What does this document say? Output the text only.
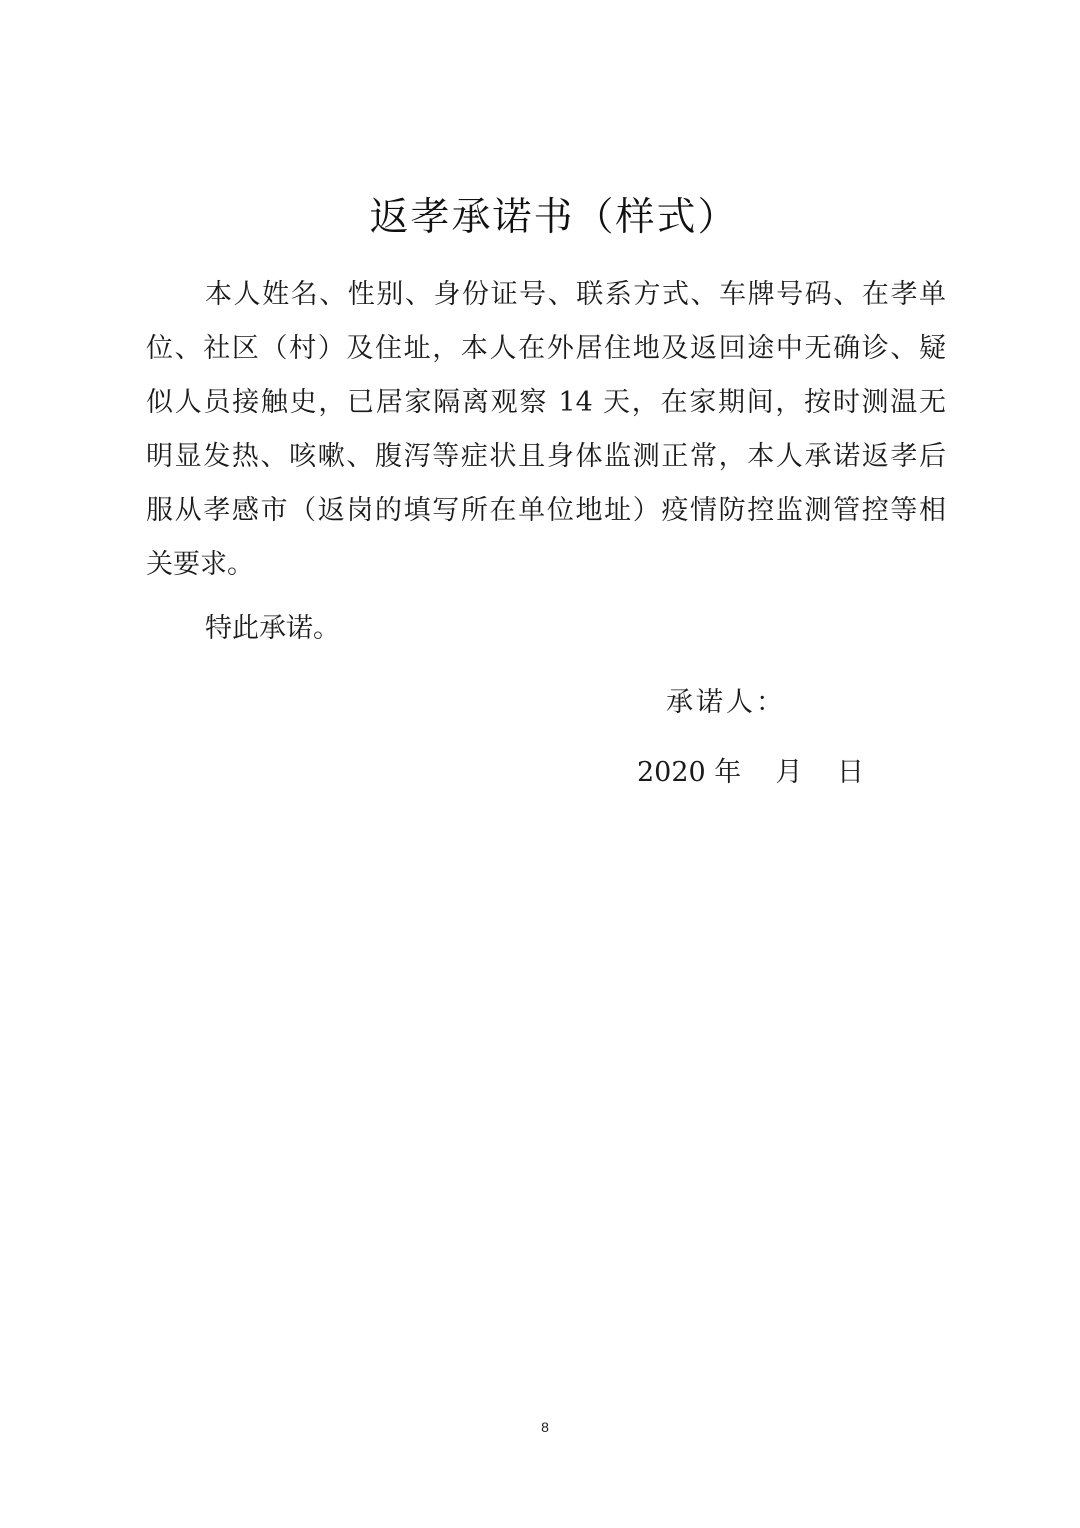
返孝承诺书（样式）
本人姓名、性别、身份证号、联系方式、车牌号码、在孝单
位、社区（村）及住址，本人在外居住地及返回途中无确诊、疑
似人员接触史，已居家隔离观察 14 天，在家期间，按时测温无
明显发热、咳嗽、腹泻等症状且身体监测正常，本人承诺返孝后
服从孝感市（返岗的填写所在单位地址）疫情防控监测管控等相
关要求。
特此承诺。
承诺人：
2020 年    月    日
8
